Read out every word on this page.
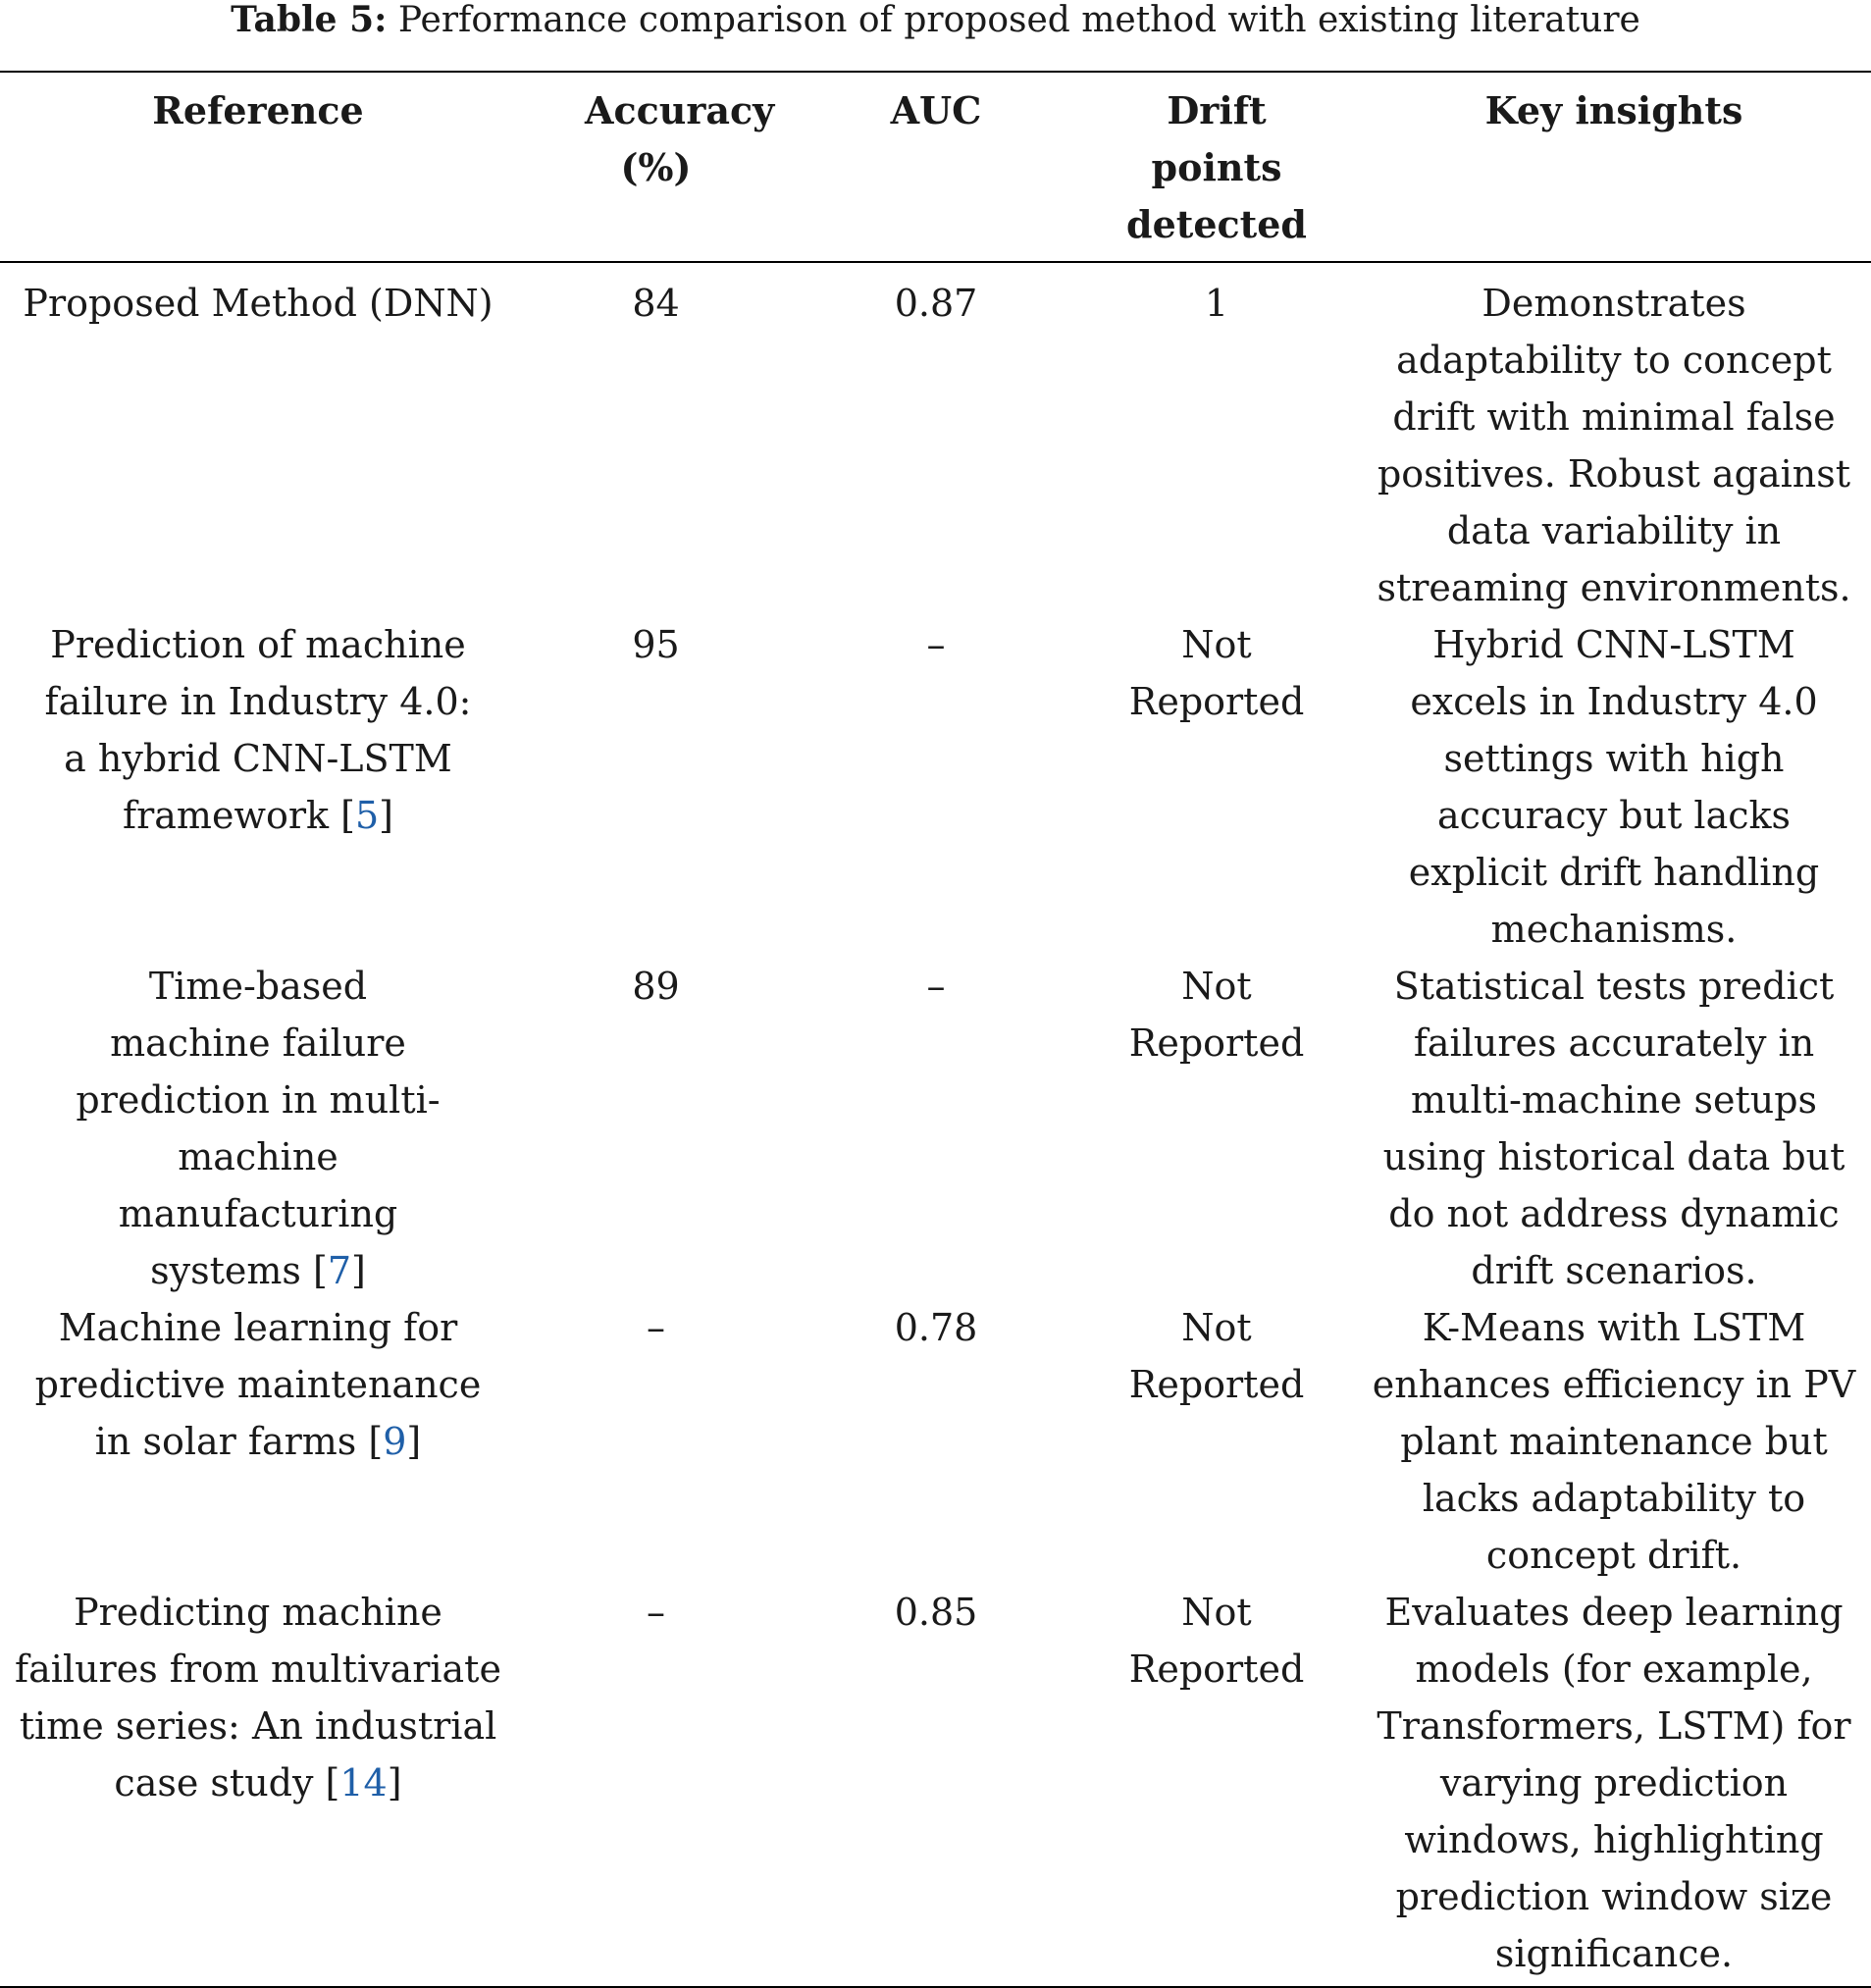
Table 5: Performance comparison of proposed method with existing literature
Reference	Accuracy (%)	AUC	Drift points detected	Key insights
Proposed Method (DNN)	84	0.87	1	Demonstrates adaptability to concept drift with minimal false positives. Robust against data variability in streaming environments.
Prediction of machine failure in Industry 4.0: a hybrid CNN-LSTM framework [5]	95	–	Not Reported	Hybrid CNN-LSTM excels in Industry 4.0 settings with high accuracy but lacks explicit drift handling mechanisms.
Time-based machine failure prediction in multi-machine manufacturing systems [7]	89	–	Not Reported	Statistical tests predict failures accurately in multi-machine setups using historical data but do not address dynamic drift scenarios.
Machine learning for predictive maintenance in solar farms [9]	–	0.78	Not Reported	K-Means with LSTM enhances efficiency in PV plant maintenance but lacks adaptability to concept drift.
Predicting machine failures from multivariate time series: An industrial case study [14]	–	0.85	Not Reported	Evaluates deep learning models (for example, Transformers, LSTM) for varying prediction windows, highlighting prediction window size significance.
